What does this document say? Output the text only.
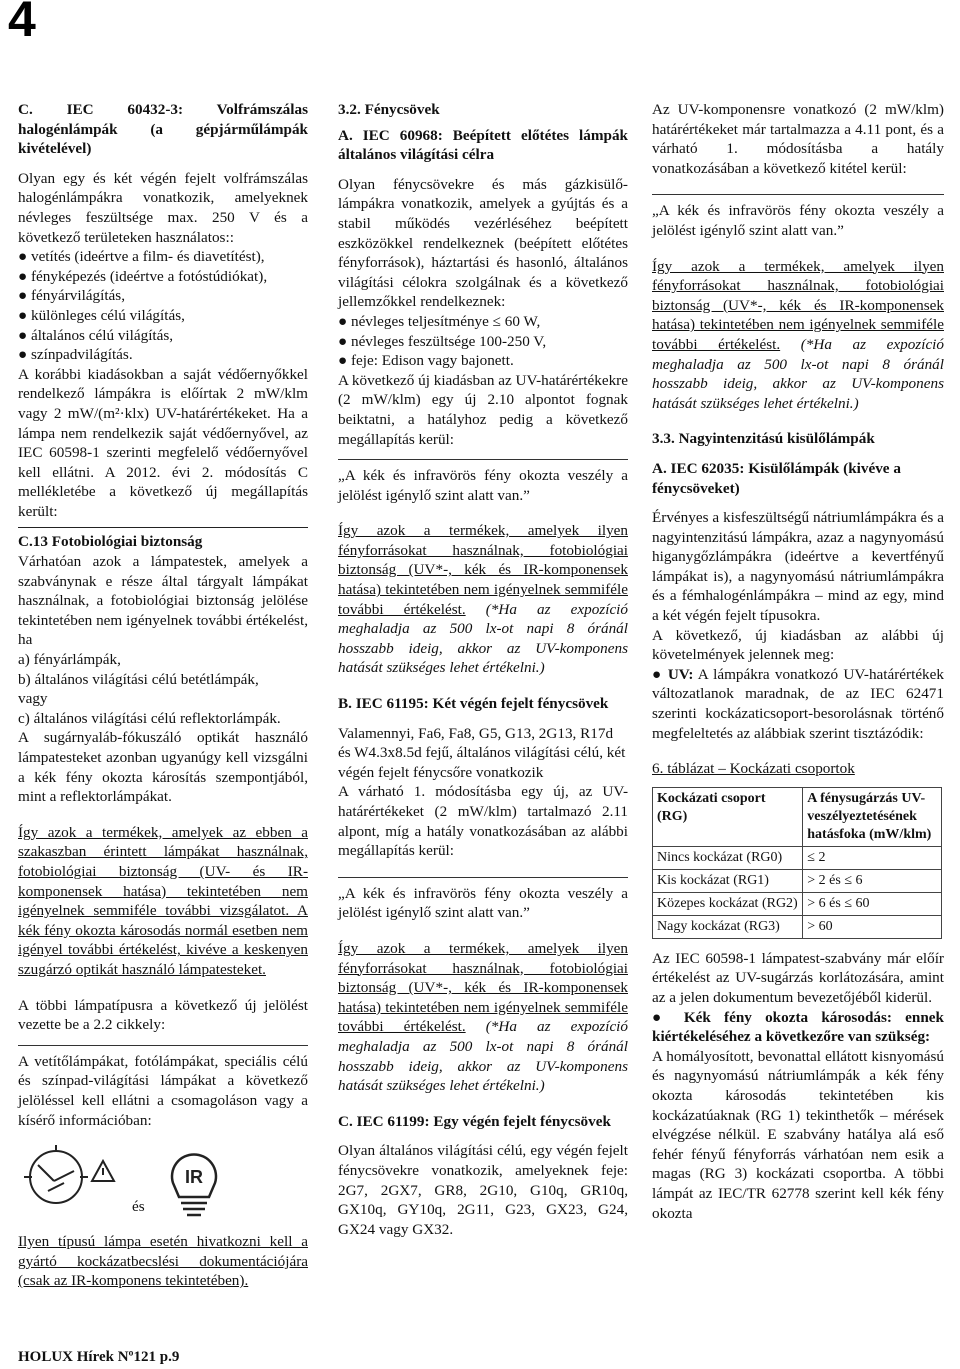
4

C. IEC 60432-3: Volfrámszálas halogénlámpák (a gépjárműlámpák kivételével)

Olyan egy és két végén fejelt volfrámszálas halogénlámpákra vonatkozik, amelyeknek névleges feszültsége max. 250 V és a következő területeken használatos::

● vetítés (ideértve a film- és diavetítést),

● fényképezés (ideértve a fotóstúdiókat),

● fényárvilágítás,

● különleges célú világítás,

● általános célú világítás,

● színpadvilágítás.

A korábbi kiadásokban a saját védőernyőkkel rendelkező lámpákra is előírtak 2 mW/klm vagy 2 mW/(m²·klx) UV-határértékeket. Ha a lámpa nem rendelkezik saját védőernyővel, az IEC 60598-1 szerinti megfelelő védőernyővel kell ellátni. A 2012. évi 2. módosítás C mellékletébe a következő új megállapítás került:

C.13 Fotobiológiai biztonság

Várhatóan azok a lámpatestek, amelyek a szabványnak e része által tárgyalt lámpákat használnak, a fotobiológiai biztonság jelölése tekintetében nem igényelnek további értékelést, ha

a) fényárlámpák,

b) általános világítási célú betétlámpák,

vagy

c) általános világítási célú reflektorlámpák.

A sugárnyaláb-fókuszáló optikát használó lámpatesteket azonban ugyanúgy kell vizsgálni a kék fény okozta károsítás szempontjából, mint a reflektorlámpákat.

Így azok a termékek, amelyek az ebben a szakaszban érintett lámpákat használnak, fotobiológiai biztonság (UV- és IR-komponensek hatása) tekintetében nem igényelnek semmiféle további vizsgálatot. A kék fény okozta károsodás normál esetben nem igényel további értékelést, kivéve a keskenyen szugárzó optikát használó lámpatesteket.

A többi lámpatípusra a következő új jelölést vezette be a 2.2 cikkely:

A vetítőlámpákat, fotólámpákat, speciális célú és színpad-világítási lámpákat a következő jelöléssel kell ellátni a csomagoláson vagy a kísérő információban:

és
IR

Ilyen típusú lámpa esetén hivatkozni kell a gyártó kockázatbecslési dokumentációjára (csak az IR-komponens tekintetében).

3.2. Fénycsövek

A. IEC 60968: Beépített előtétes lámpák általános világítási célra

Olyan fénycsövekre és más gázkisülő-lámpákra vonatkozik, amelyek a gyújtás és a stabil működés vezérléséhez beépített eszközökkel rendelkeznek (beépített előtétes fényforrások), háztartási és hasonló, általános világítási célokra szolgálnak és a következő jellemzőkkel rendelkeznek:

● névleges teljesítménye ≤ 60 W,

● névleges feszültsége 100-250 V,

● feje: Edison vagy bajonett.

A következő új kiadásban az UV-határértékekre (2 mW/klm) egy új 2.10 alpontot fognak beiktatni, a hatályhoz pedig a következő megállapítás kerül:

„A kék és infravörös fény okozta veszély a jelölést igénylő szint alatt van.”

Így azok a termékek, amelyek ilyen fényforrásokat használnak, fotobiológiai biztonság (UV*-, kék és IR-komponensek hatása) tekintetében nem igényelnek semmiféle további értékelést. (*Ha az expozíció meghaladja az 500 lx-ot napi 8 óránál hosszabb ideig, akkor az UV-komponens hatását szükséges lehet értékelni.)

B. IEC 61195: Két végén fejelt fénycsövek

Valamennyi, Fa6, Fa8, G5, G13, 2G13, R17d és W4.3x8.5d fejű, általános világítási célú, két végén fejelt fénycsőre vonatkozik

A várható 1. módosításba egy új, az UV-határértékeket (2 mW/klm) tartalmazó 2.11 alpont, míg a hatály vonatkozásában az alábbi megállapítás kerül:

„A kék és infravörös fény okozta veszély a jelölést igénylő szint alatt van.”

Így azok a termékek, amelyek ilyen fényforrásokat használnak, fotobiológiai biztonság (UV*-, kék és IR-komponensek hatása) tekintetében nem igényelnek semmiféle további értékelést. (*Ha az expozíció meghaladja az 500 lx-ot napi 8 óránál hosszabb ideig, akkor az UV-komponens hatását szükséges lehet értékelni.)

C. IEC 61199: Egy végén fejelt fénycsövek

Olyan általános világítási célú, egy végén fejelt fénycsövekre vonatkozik, amelyeknek feje: 2G7, 2GX7, GR8, 2G10, G10q, GR10q, GX10q, GY10q, 2G11, G23, GX23, G24, GX24 vagy GX32.

Az UV-komponensre vonatkozó (2 mW/klm) határértékeket már tartalmazza a 4.11 pont, és a várható 1. módosításba a hatály vonatkozásában a következő kitétel kerül:

„A kék és infravörös fény okozta veszély a jelölést igénylő szint alatt van.”

Így azok a termékek, amelyek ilyen fényforrásokat használnak, fotobiológiai biztonság (UV*-, kék és IR-komponensek hatása) tekintetében nem igényelnek semmiféle további értékelést. (*Ha az expozíció meghaladja az 500 lx-ot napi 8 óránál hosszabb ideig, akkor az UV-komponens hatását szükséges lehet értékelni.)

3.3. Nagyintenzitású kisülőlámpák

A. IEC 62035: Kisülőlámpák (kivéve a fénycsöveket)

Érvényes a kisfeszültségű nátriumlámpákra és a nagyintenzitású lámpákra, azaz a nagynyomású higanygőzlámpákra (ideértve a kevertfényű lámpákat is), a nagynyomású nátriumlámpákra és a fémhalogénlámpákra – mind az egy, mind a két végén fejelt típusokra.

A következő, új kiadásban az alábbi új követelmények jelennek meg:

● UV: A lámpákra vonatkozó UV-határértékek változatlanok maradnak, de az IEC 62471 szerinti kockázaticsoport-besorolásnak történő megfeleltetés az alábbiak szerint tisztázódik:

6. táblázat – Kockázati csoportok

Kockázati csoport (RG)	A fénysugárzás UV-veszélyeztetésének hatásfoka (mW/klm)
Nincs kockázat (RG0)	≤ 2
Kis kockázat (RG1)	> 2 és ≤ 6
Közepes kockázat (RG2)	> 6 és ≤ 60
Nagy kockázat (RG3)	> 60

Az IEC 60598-1 lámpatest-szabvány már előír értékelést az UV-sugárzás korlátozására, amint az a jelen dokumentum bevezetőjéből kiderül.

● Kék fény okozta károsodás: ennek kiértékeléséhez a következőre van szükség:

A homályosított, bevonattal ellátott kisnyomású és nagynyomású nátriumlámpák a kék fény okozta károsodás tekintetében kis kockázatúaknak (RG 1) tekinthetők – mérések elvégzése nélkül. E szabvány hatálya alá eső fehér fényű fényforrás várhatóan nem esik a magas (RG 3) kockázati csoportba. A többi lámpát az IEC/TR 62778 szerint kell kék fény okozta

HOLUX Hírek Nº121 p.9
